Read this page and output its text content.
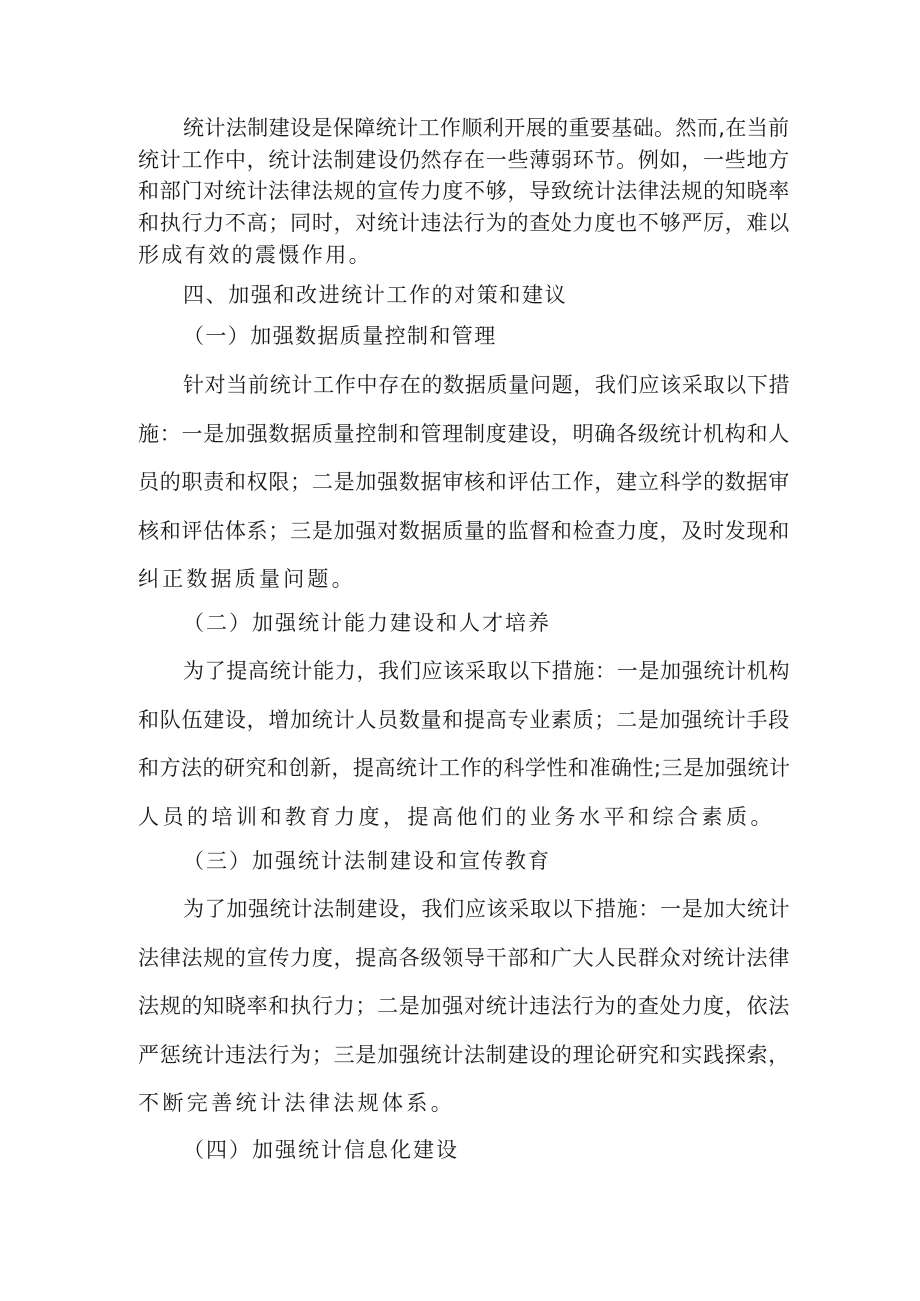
统计法制建设是保障统计工作顺利开展的重要基础。然而,在当前
统计工作中，统计法制建设仍然存在一些薄弱环节。例如，一些地方
和部门对统计法律法规的宣传力度不够，导致统计法律法规的知晓率
和执行力不高；同时，对统计违法行为的查处力度也不够严厉，难以
形成有效的震慑作用。
四、加强和改进统计工作的对策和建议
（一）加强数据质量控制和管理
针对当前统计工作中存在的数据质量问题，我们应该采取以下措
施：一是加强数据质量控制和管理制度建设，明确各级统计机构和人
员的职责和权限；二是加强数据审核和评估工作，建立科学的数据审
核和评估体系；三是加强对数据质量的监督和检查力度，及时发现和
纠正数据质量问题。
（二）加强统计能力建设和人才培养
为了提高统计能力，我们应该采取以下措施：一是加强统计机构
和队伍建设，增加统计人员数量和提高专业素质；二是加强统计手段
和方法的研究和创新，提高统计工作的科学性和准确性;三是加强统计
人员的培训和教育力度，提高他们的业务水平和综合素质。
（三）加强统计法制建设和宣传教育
为了加强统计法制建设，我们应该采取以下措施：一是加大统计
法律法规的宣传力度，提高各级领导干部和广大人民群众对统计法律
法规的知晓率和执行力；二是加强对统计违法行为的查处力度，依法
严惩统计违法行为；三是加强统计法制建设的理论研究和实践探索，
不断完善统计法律法规体系。
（四）加强统计信息化建设
